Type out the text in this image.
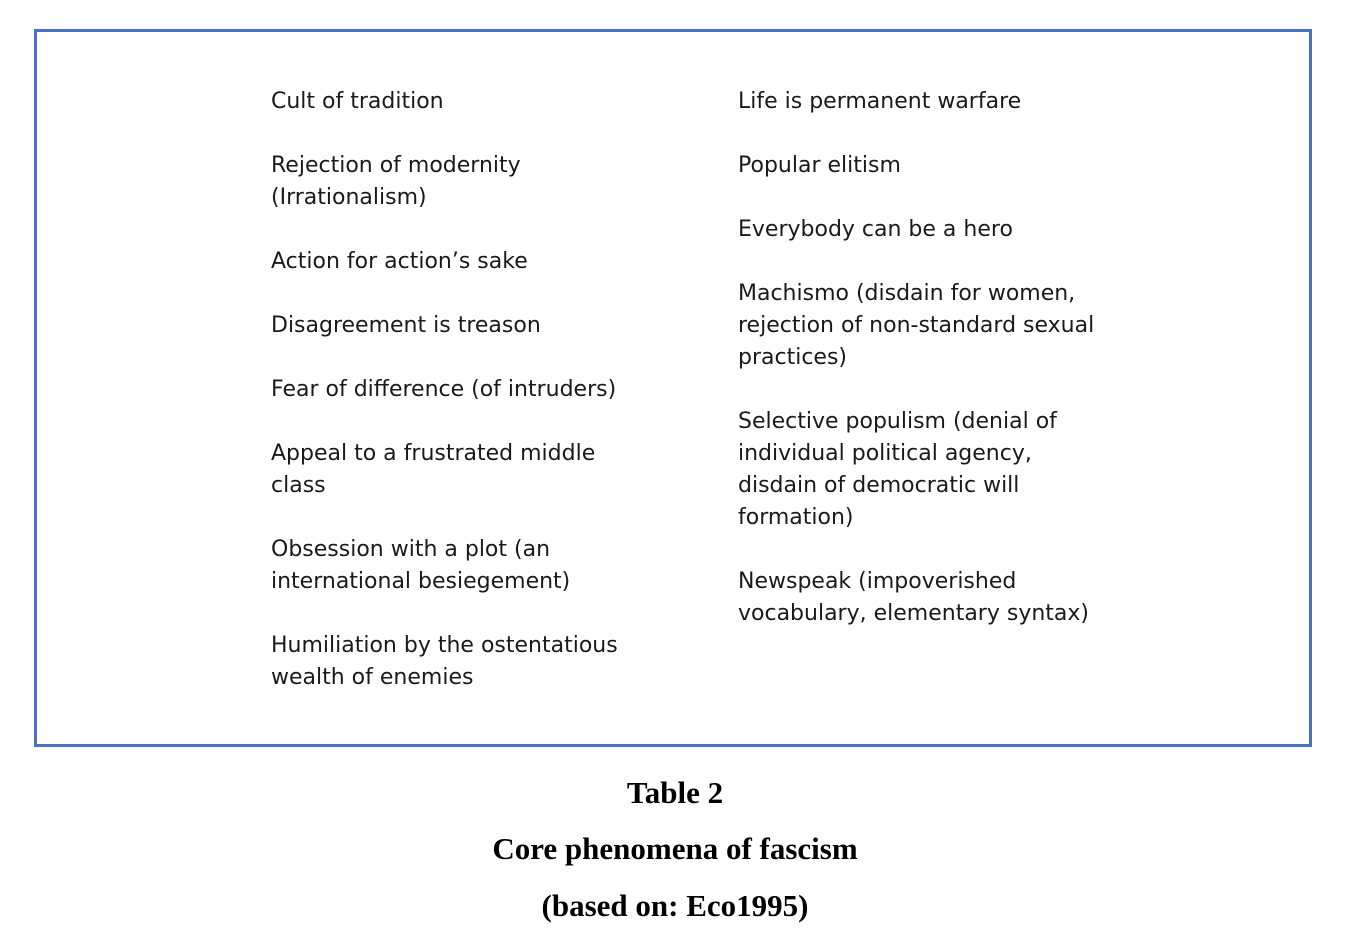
Cult of tradition
Rejection of modernity
(Irrationalism)
Action for action’s sake
Disagreement is treason
Fear of difference (of intruders)
Appeal to a frustrated middle
class
Obsession with a plot (an
international besiegement)
Humiliation by the ostentatious
wealth of enemies
Life is permanent warfare
Popular elitism
Everybody can be a hero
Machismo (disdain for women,
rejection of non-standard sexual
practices)
Selective populism (denial of
individual political agency,
disdain of democratic will
formation)
Newspeak (impoverished
vocabulary, elementary syntax)
Table 2
Core phenomena of fascism
(based on: Eco1995)
